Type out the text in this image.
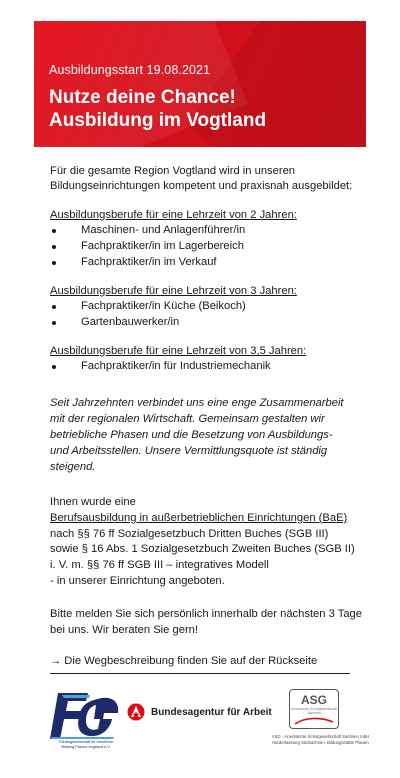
Ausbildungsstart 19.08.2021
Nutze deine Chance!
Ausbildung im Vogtland
Für die gesamte Region Vogtland wird in unseren
Bildungseinrichtungen kompetent und praxisnah ausgebildet:
Ausbildungsberufe für eine Lehrzeit von 2 Jahren:
Maschinen- und Anlagenführer/in
Fachpraktiker/in im Lagerbereich
Fachpraktiker/in im Verkauf
Ausbildungsberufe für eine Lehrzeit von 3 Jahren:
Fachpraktiker/in Küche (Beikoch)
Gartenbauwerker/in
Ausbildungsberufe für eine Lehrzeit von 3,5 Jahren:
Fachpraktiker/in für Industriemechanik
Seit Jahrzehnten verbindet uns eine enge Zusammenarbeit
mit der regionalen Wirtschaft. Gemeinsam gestalten wir
betriebliche Phasen und die Besetzung von Ausbildungs-
und Arbeitsstellen. Unsere Vermittlungsquote ist ständig
steigend.
Ihnen wurde eine
Berufsausbildung in außerbetrieblichen Einrichtungen (BaE)
nach §§ 76 ff Sozialgesetzbuch Dritten Buches (SGB III)
sowie § 16 Abs. 1 Sozialgesetzbuch Zweiten Buches (SGB II)
i. V. m. §§ 76 ff SGB III – integratives Modell
- in unserer Einrichtung angeboten.
Bitte melden Sie sich persönlich innerhalb der nächsten 3 Tage
bei uns. Wir beraten Sie gern!
→ Die Wegbeschreibung finden Sie auf der Rückseite
Fördergesellschaft für berufliche
Bildung Plauen-Vogtland e.V.
Bundesagentur für Arbeit
ASG
Anerkannte Schulgesellschaft Sachsen
ASG - Anerkannte Schulgesellschaft Sachsen mbH
Niederlassung Südsachsen, Bildungsstätte Plauen
